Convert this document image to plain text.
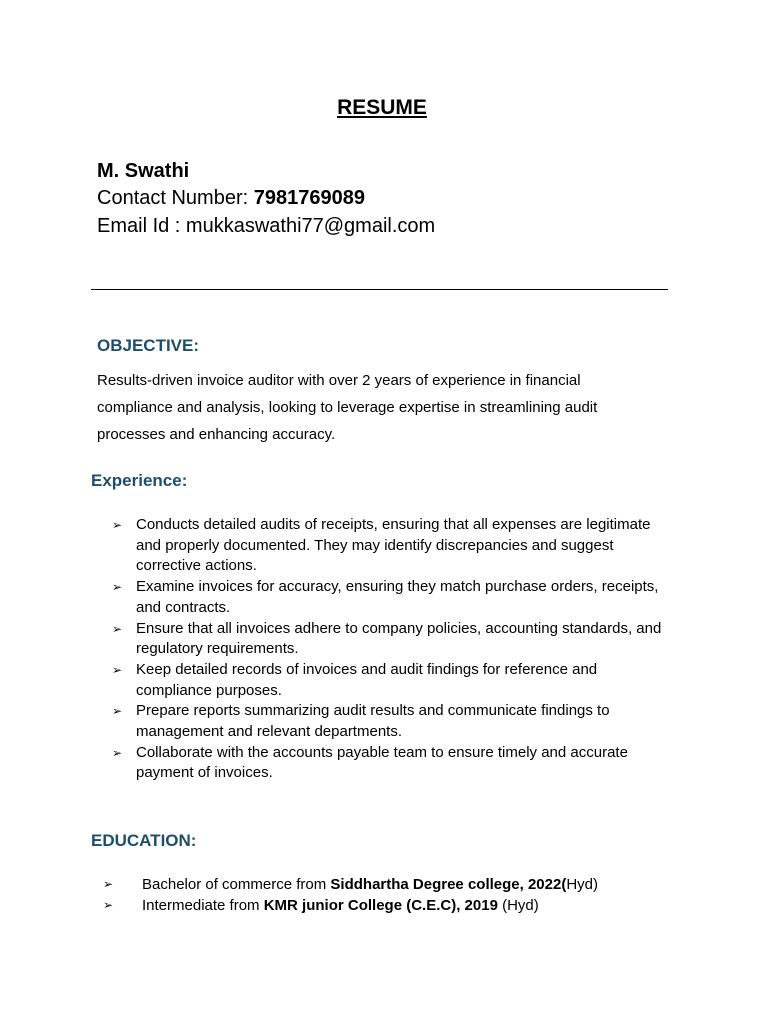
RESUME
M. Swathi
Contact Number: 7981769089
Email Id : mukkaswathi77@gmail.com
OBJECTIVE:
Results-driven invoice auditor with over 2 years of experience in financial compliance and analysis, looking to leverage expertise in streamlining audit processes and enhancing accuracy.
Experience:
➢ Conducts detailed audits of receipts, ensuring that all expenses are legitimate and properly documented. They may identify discrepancies and suggest corrective actions.
➢ Examine invoices for accuracy, ensuring they match purchase orders, receipts, and contracts.
➢ Ensure that all invoices adhere to company policies, accounting standards, and regulatory requirements.
➢ Keep detailed records of invoices and audit findings for reference and compliance purposes.
➢ Prepare reports summarizing audit results and communicate findings to management and relevant departments.
➢ Collaborate with the accounts payable team to ensure timely and accurate payment of invoices.
EDUCATION:
➢ Bachelor of commerce from Siddhartha Degree college, 2022(Hyd)
➢ Intermediate from KMR junior College (C.E.C), 2019 (Hyd)
